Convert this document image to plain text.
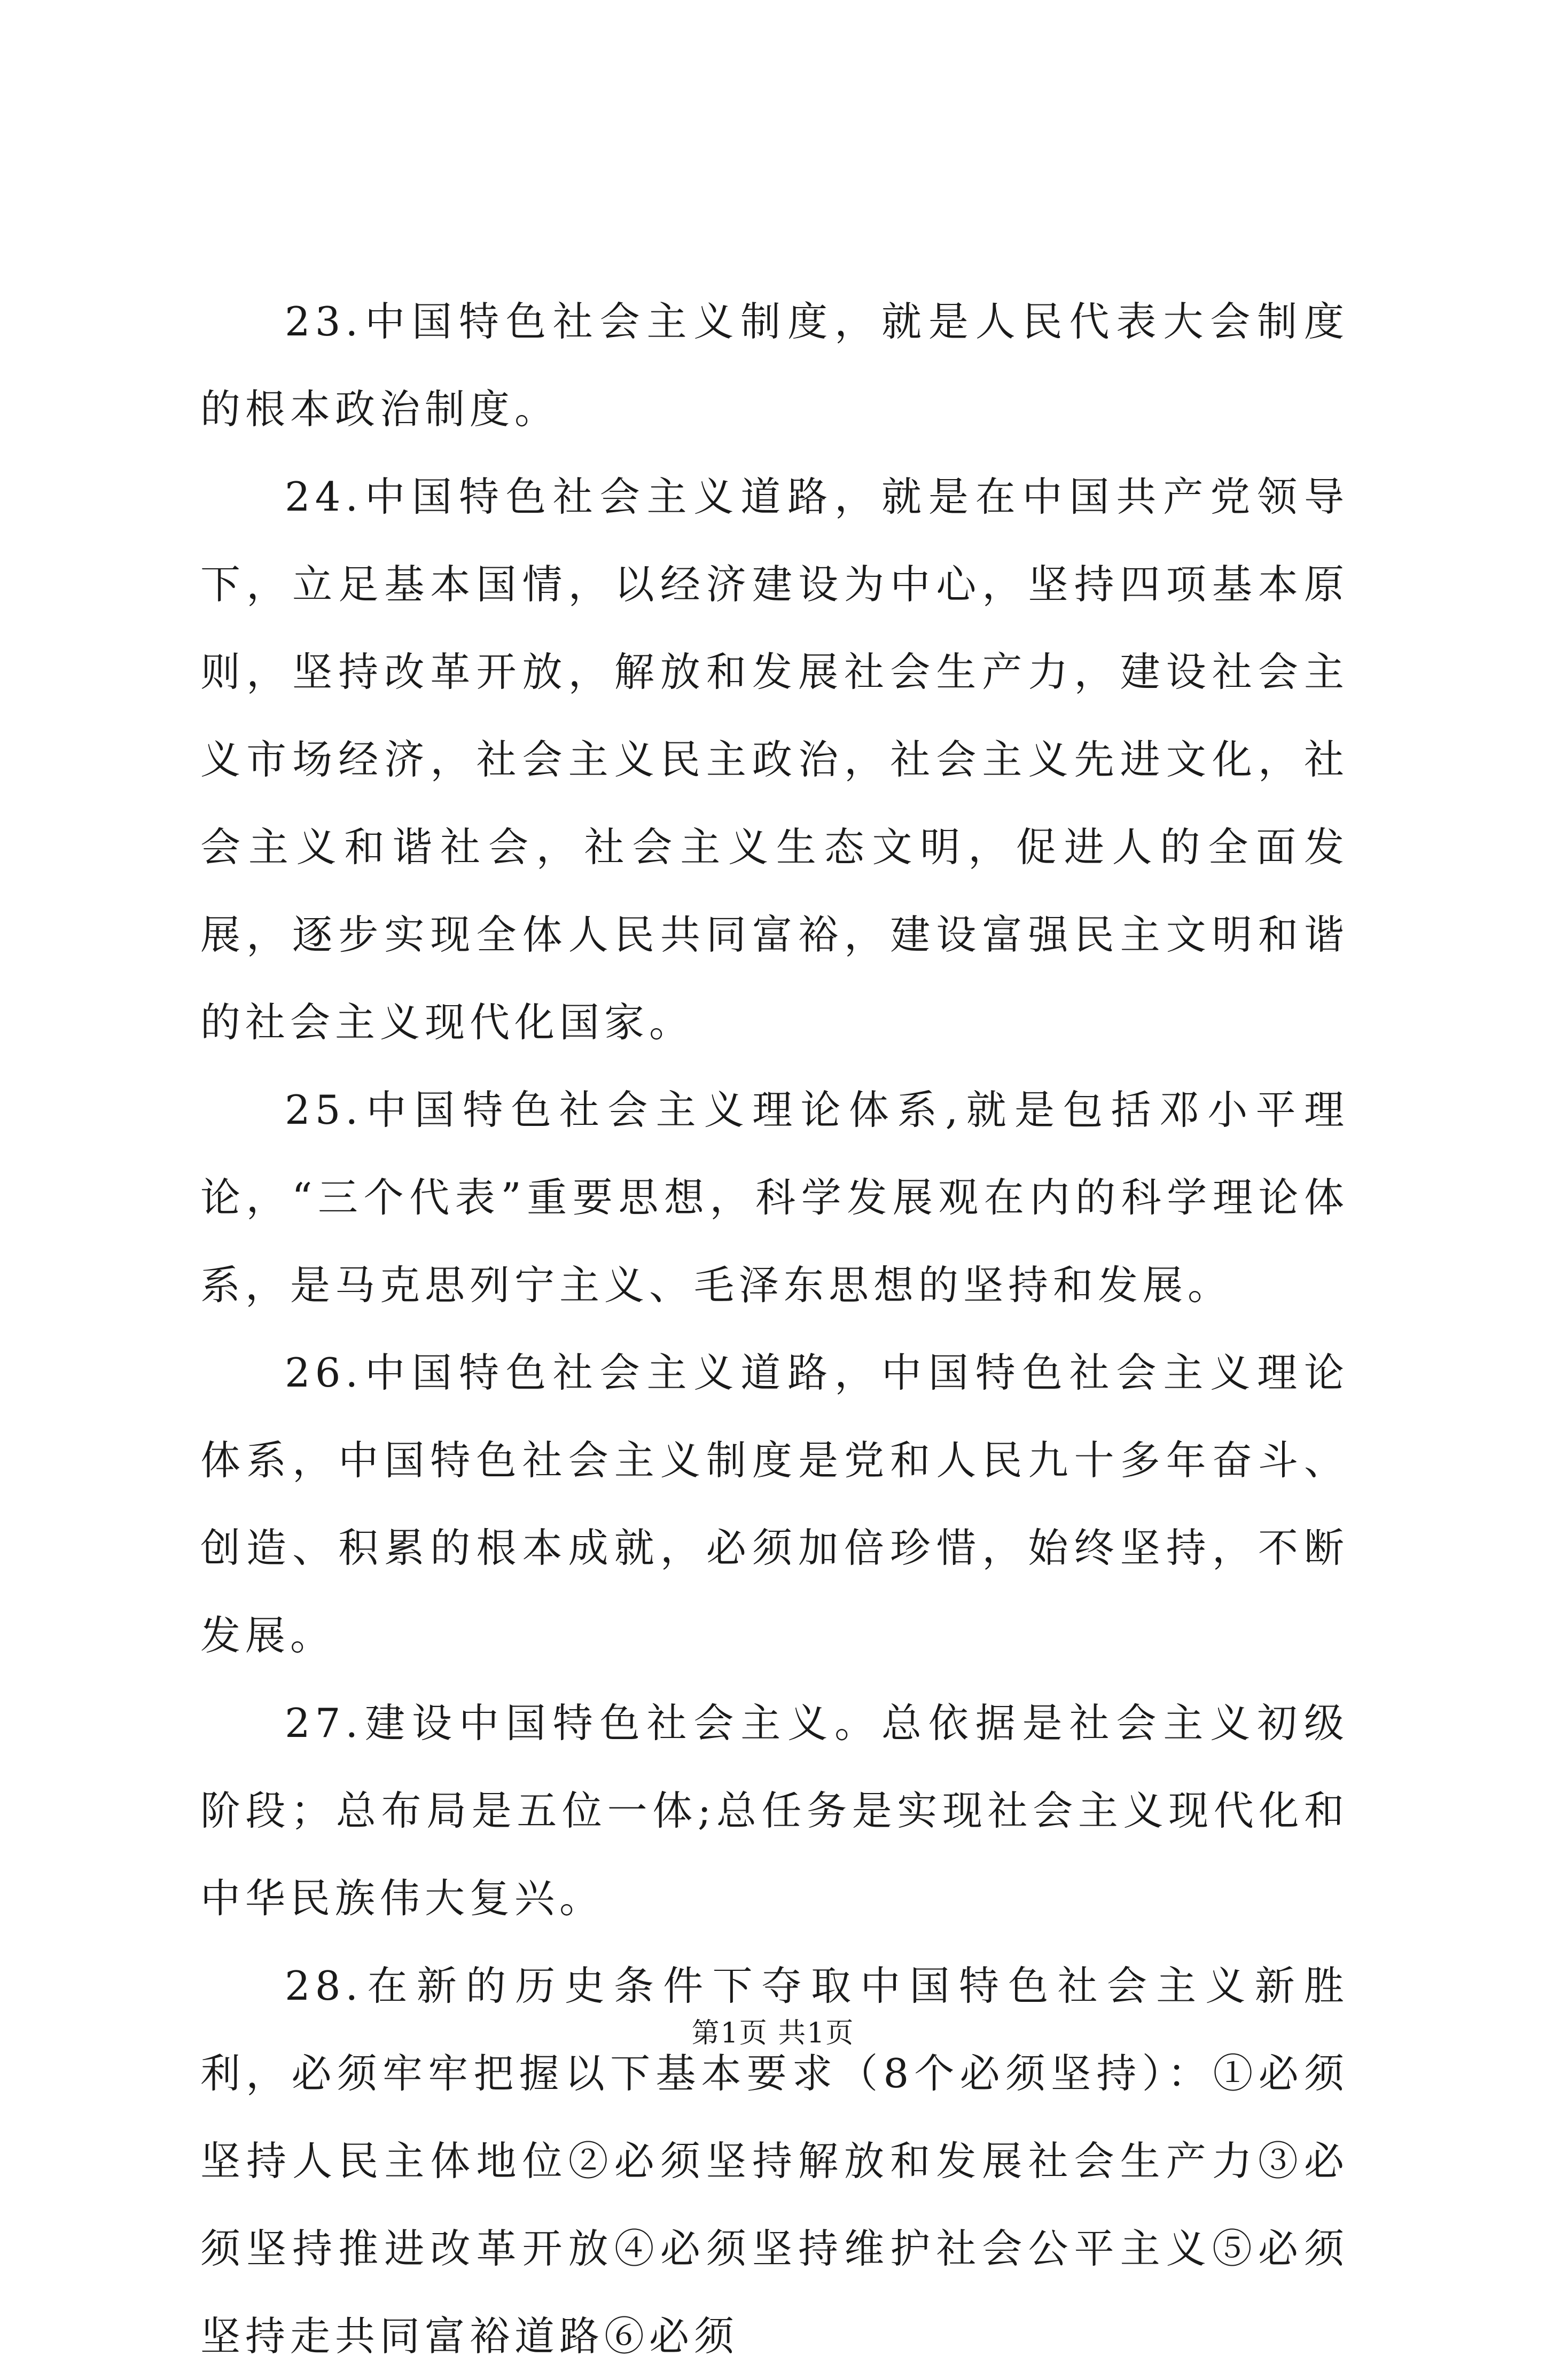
23.中国特色社会主义制度，就是人民代表大会制度的根本政治制度。

24.中国特色社会主义道路，就是在中国共产党领导下，立足基本国情，以经济建设为中心，坚持四项基本原则，坚持改革开放，解放和发展社会生产力，建设社会主义市场经济，社会主义民主政治，社会主义先进文化，社会主义和谐社会，社会主义生态文明，促进人的全面发展，逐步实现全体人民共同富裕，建设富强民主文明和谐的社会主义现代化国家。

25.中国特色社会主义理论体系,就是包括邓小平理论，“三个代表”重要思想，科学发展观在内的科学理论体系，是马克思列宁主义、毛泽东思想的坚持和发展。

26.中国特色社会主义道路，中国特色社会主义理论体系，中国特色社会主义制度是党和人民九十多年奋斗、创造、积累的根本成就，必须加倍珍惜，始终坚持，不断发展。

27.建设中国特色社会主义。总依据是社会主义初级阶段；总布局是五位一体;总任务是实现社会主义现代化和中华民族伟大复兴。

28.在新的历史条件下夺取中国特色社会主义新胜利，必须牢牢把握以下基本要求（8个必须坚持）：①必须坚持人民主体地位②必须坚持解放和发展社会生产力③必须坚持推进改革开放④必须坚持维护社会公平主义⑤必须坚持走共同富裕道路⑥必须

第1页 共1页
